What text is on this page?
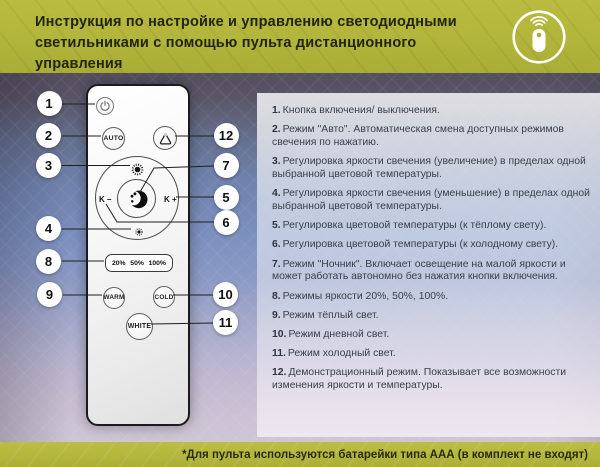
Инструкция по настройке и управлению светодиодными
светильниками с помощью пульта дистанционного управления

1. Кнопка включения/ выключения.

2. Режим "Авто". Автоматическая смена доступных режимов свечения по нажатию.

3. Регулировка яркости свечения (увеличение) в пределах одной выбранной цветовой температуры.

4. Регулировка яркости свечения (уменьшение) в пределах одной выбранной цветовой температуры.

5. Регулировка цветовой температуры (к тёплому свету).

6. Регулировка цветовой температуры (к холодному свету).

7. Режим "Ночник". Включает освещение на малой яркости и может работать автономно без нажатия кнопки включения.

8. Режимы яркости 20%, 50%, 100%.

9. Режим тёплый свет.

10. Режим дневной свет.

11. Режим холодный свет.

12. Демонстрационный режим. Показывает все возможности изменения яркости и температуры.

AUTO
K –	K +
20% 50% 100%
WARM	COLD
WHITE
1
2
3
4
8
9
12
7
5
6
10
11
*Для пульта используются батарейки типа ААА (в комплект не входят)
